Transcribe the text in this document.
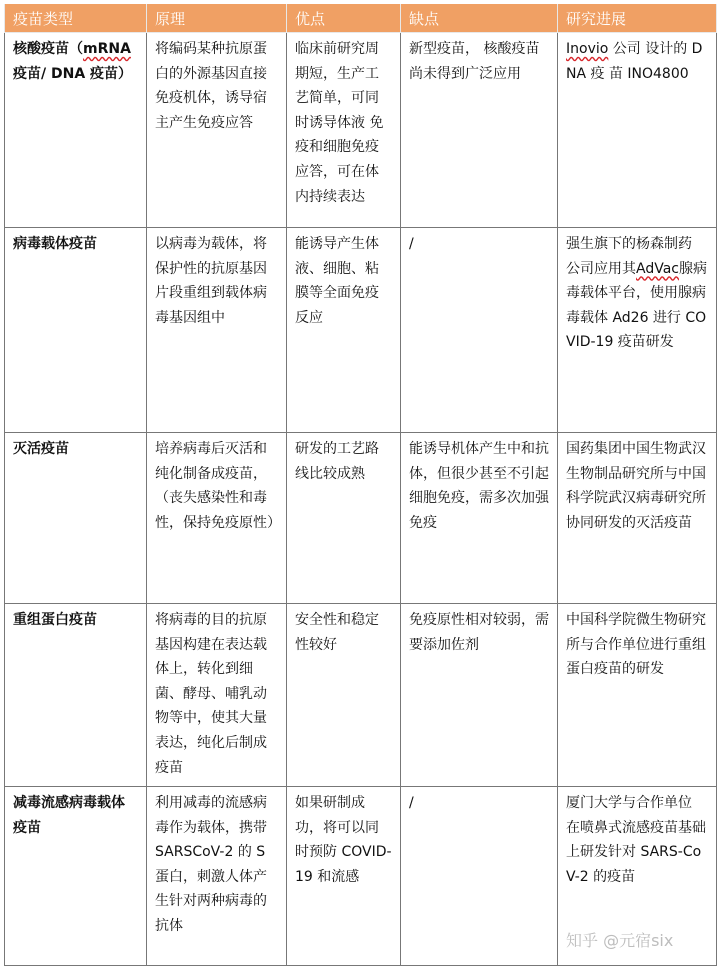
疫苗类型	原理	优点	缺点	研究进展
核酸疫苗（mRNA疫苗/ DNA 疫苗）	将编码某种抗原蛋白的外源基因直接免疫机体，诱导宿主产生免疫应答	临床前研究周期短，生产工艺简单，可同时诱导体液 免疫和细胞免疫应答，可在体内持续表达	新型疫苗， 核酸疫苗尚未得到广泛应用	Inovio 公司 设计的 DNA 疫 苗 INO4800
病毒载体疫苗	以病毒为载体，将保护性的抗原基因片段重组到载体病毒基因组中	能诱导产生体液、细胞、粘膜等全面免疫反应	/	强生旗下的杨森制药 公司应用其AdVac腺病毒载体平台，使用腺病毒载体 Ad26 进行 COVID-19 疫苗研发
灭活疫苗	培养病毒后灭活和纯化制备成疫苗，（丧失感染性和毒 性，保持免疫原性）	研发的工艺路线比较成熟	能诱导机体产生中和抗体，但很少甚至不引起细胞免疫，需多次加强免疫	国药集团中国生物武汉生物制品研究所与中国科学院武汉病毒研究所协同研发的灭活疫苗
重组蛋白疫苗	将病毒的目的抗原基因构建在表达载体上，转化到细菌、酵母、哺乳动物等中，使其大量表达，纯化后制成疫苗	安全性和稳定性较好	免疫原性相对较弱，需要添加佐剂	中国科学院微生物研究所与合作单位进行重组蛋白疫苗的研发
减毒流感病毒载体疫苗	利用减毒的流感病毒作为载体，携带 SARSCoV-2 的 S 蛋白，刺激人体产生针对两种病毒的抗体	如果研制成功，将可以同时预防 COVID-19 和流感	/	厦门大学与合作单位 在喷鼻式流感疫苗基础上研发针对 SARS-CoV-2 的疫苗
知乎 @元宿six
